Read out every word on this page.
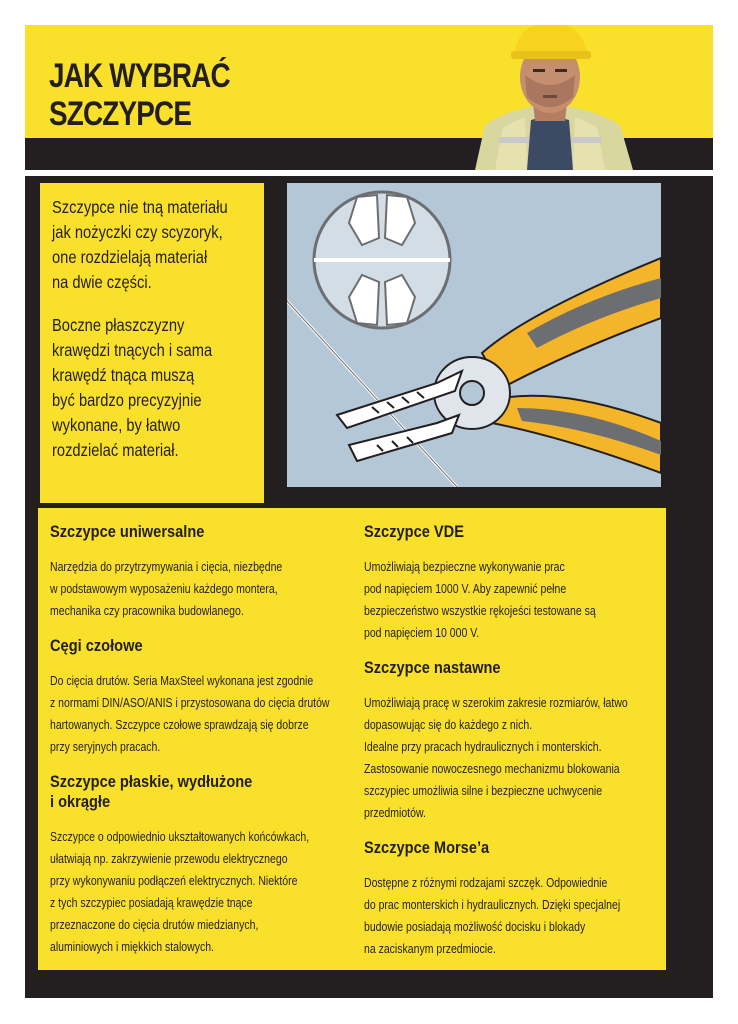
JAK WYBRAĆ
SZCZYPCE

Szczypce nie tną materiału
jak nożyczki czy scyzoryk,
one rozdzielają materiał
na dwie części.

Boczne płaszczyzny
krawędzi tnących i sama
krawędź tnąca muszą
być bardzo precyzyjnie
wykonane, by łatwo
rozdzielać materiał.

Szczypce uniwersalne

Narzędzia do przytrzymywania i cięcia, niezbędne
w podstawowym wyposażeniu każdego montera,
mechanika czy pracownika budowlanego.

Cęgi czołowe

Do cięcia drutów. Seria MaxSteel wykonana jest zgodnie
z normami DIN/ASO/ANIS i przystosowana do cięcia drutów
hartowanych. Szczypce czołowe sprawdzają się dobrze
przy seryjnych pracach.

Szczypce płaskie, wydłużone
i okrągłe

Szczypce o odpowiednio ukształtowanych końcówkach,
ułatwiają np. zakrzywienie przewodu elektrycznego
przy wykonywaniu podłączeń elektrycznych. Niektóre
z tych szczypiec posiadają krawędzie tnące
przeznaczone do cięcia drutów miedzianych,
aluminiowych i miękkich stalowych.

Szczypce VDE

Umożliwiają bezpieczne wykonywanie prac
pod napięciem 1000 V. Aby zapewnić pełne
bezpieczeństwo wszystkie rękojeści testowane są
pod napięciem 10 000 V.

Szczypce nastawne

Umożliwiają pracę w szerokim zakresie rozmiarów, łatwo
dopasowując się do każdego z nich.
Idealne przy pracach hydraulicznych i monterskich.
Zastosowanie nowoczesnego mechanizmu blokowania
szczypiec umożliwia silne i bezpieczne uchwycenie
przedmiotów.

Szczypce Morse’a

Dostępne z różnymi rodzajami szczęk. Odpowiednie
do prac monterskich i hydraulicznych. Dzięki specjalnej
budowie posiadają możliwość docisku i blokady
na zaciskanym przedmiocie.
